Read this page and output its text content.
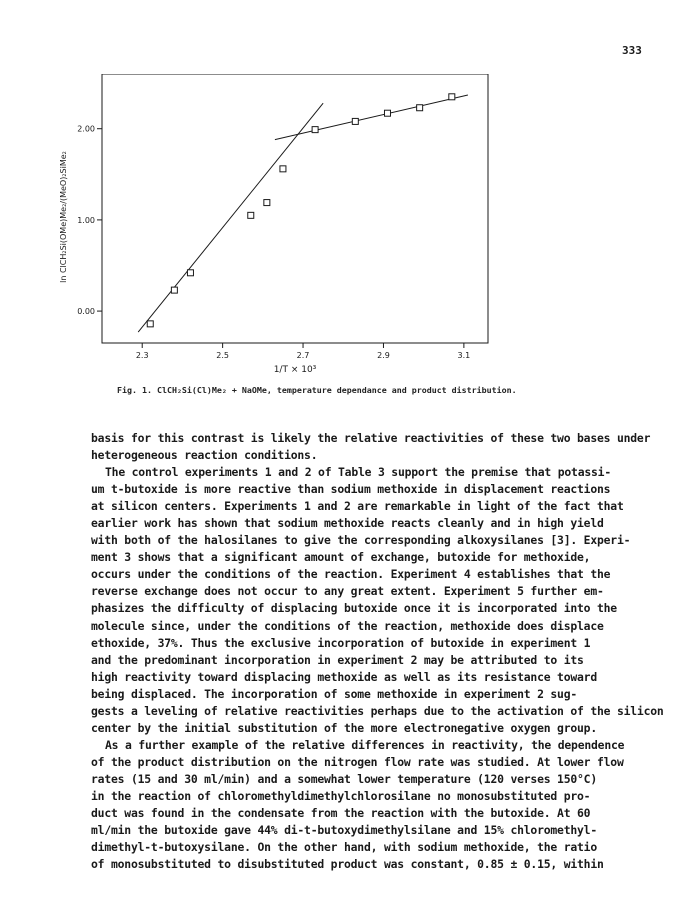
333
2.3	2.5	2.7	2.9	3.1
0.00
1.00
2.00
1/T × 10³
ln ClCH₂Si(OMe)Me₂/(MeO)₂SiMe₂
Fig. 1. ClCH₂Si(Cl)Me₂ + NaOMe, temperature dependance and product distribution.
basis for this contrast is likely the relative reactivities of these two bases under
heterogeneous reaction conditions.
The control experiments 1 and 2 of Table 3 support the premise that potassi-
um t-butoxide is more reactive than sodium methoxide in displacement reactions
at silicon centers. Experiments 1 and 2 are remarkable in light of the fact that
earlier work has shown that sodium methoxide reacts cleanly and in high yield
with both of the halosilanes to give the corresponding alkoxysilanes [3]. Experi-
ment 3 shows that a significant amount of exchange, butoxide for methoxide,
occurs under the conditions of the reaction. Experiment 4 establishes that the
reverse exchange does not occur to any great extent. Experiment 5 further em-
phasizes the difficulty of displacing butoxide once it is incorporated into the
molecule since, under the conditions of the reaction, methoxide does displace
ethoxide, 37%. Thus the exclusive incorporation of butoxide in experiment 1
and the predominant incorporation in experiment 2 may be attributed to its
high reactivity toward displacing methoxide as well as its resistance toward
being displaced. The incorporation of some methoxide in experiment 2 sug-
gests a leveling of relative reactivities perhaps due to the activation of the silicon
center by the initial substitution of the more electronegative oxygen group.
As a further example of the relative differences in reactivity, the dependence
of the product distribution on the nitrogen flow rate was studied. At lower flow
rates (15 and 30 ml/min) and a somewhat lower temperature (120 verses 150°C)
in the reaction of chloromethyldimethylchlorosilane no monosubstituted pro-
duct was found in the condensate from the reaction with the butoxide. At 60
ml/min the butoxide gave 44% di-t-butoxydimethylsilane and 15% chloromethyl-
dimethyl-t-butoxysilane. On the other hand, with sodium methoxide, the ratio
of monosubstituted to disubstituted product was constant, 0.85 ± 0.15, within
